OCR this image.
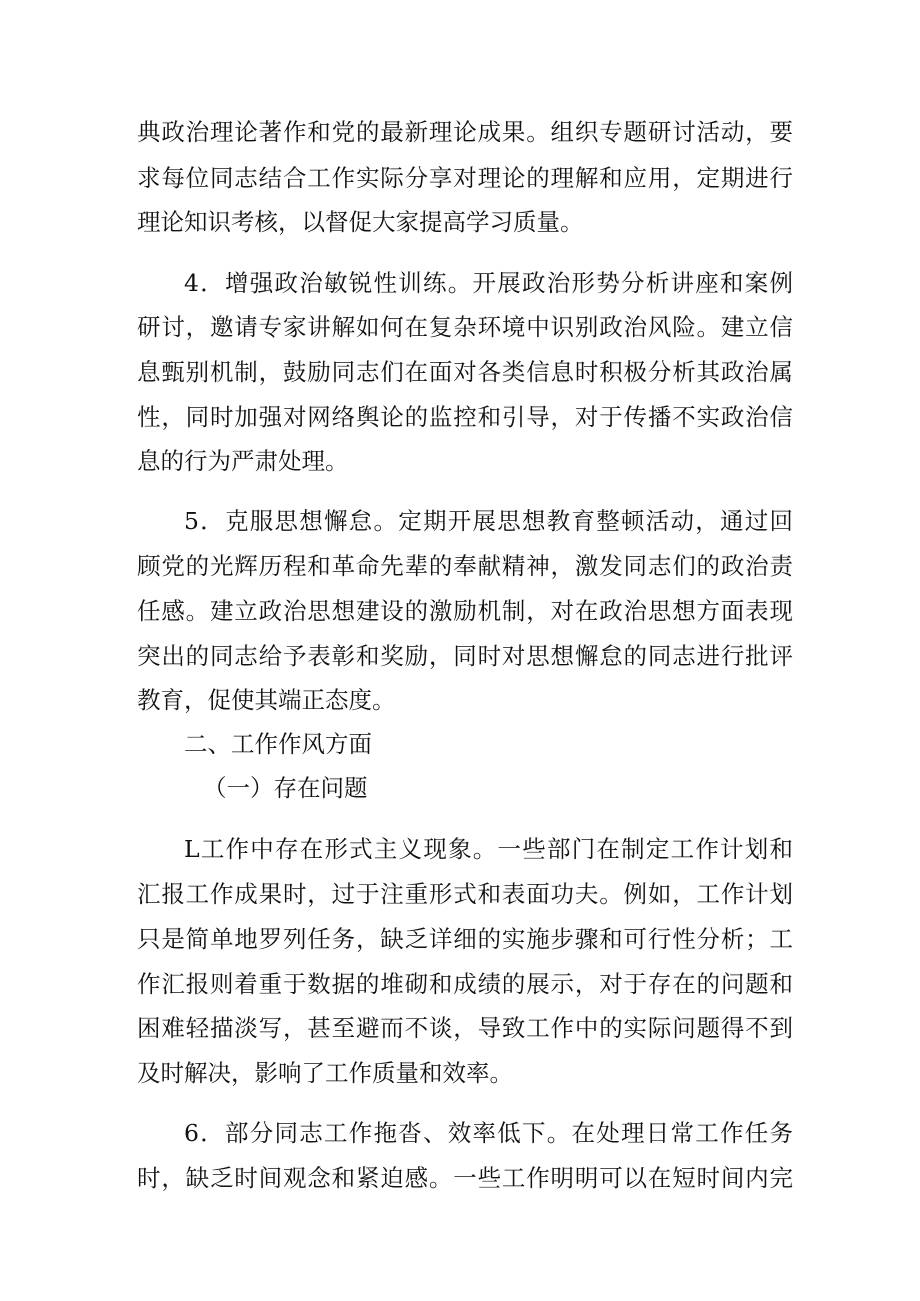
典政治理论著作和党的最新理论成果。组织专题研讨活动，要
求每位同志结合工作实际分享对理论的理解和应用，定期进行
理论知识考核，以督促大家提高学习质量。
4．增强政治敏锐性训练。开展政治形势分析讲座和案例
研讨，邀请专家讲解如何在复杂环境中识别政治风险。建立信
息甄别机制，鼓励同志们在面对各类信息时积极分析其政治属
性，同时加强对网络舆论的监控和引导，对于传播不实政治信
息的行为严肃处理。
5．克服思想懈怠。定期开展思想教育整顿活动，通过回
顾党的光辉历程和革命先辈的奉献精神，激发同志们的政治责
任感。建立政治思想建设的激励机制，对在政治思想方面表现
突出的同志给予表彰和奖励，同时对思想懈怠的同志进行批评
教育，促使其端正态度。
二、工作作风方面
（一）存在问题
L工作中存在形式主义现象。一些部门在制定工作计划和
汇报工作成果时，过于注重形式和表面功夫。例如，工作计划
只是简单地罗列任务，缺乏详细的实施步骤和可行性分析；工
作汇报则着重于数据的堆砌和成绩的展示，对于存在的问题和
困难轻描淡写，甚至避而不谈，导致工作中的实际问题得不到
及时解决，影响了工作质量和效率。
6．部分同志工作拖沓、效率低下。在处理日常工作任务
时，缺乏时间观念和紧迫感。一些工作明明可以在短时间内完
